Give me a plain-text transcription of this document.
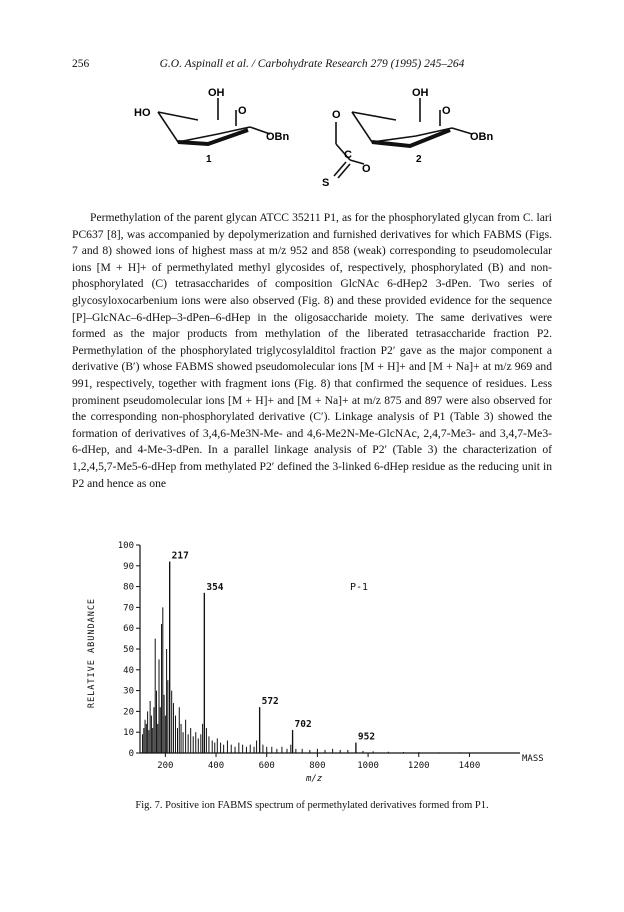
256	G.O. Aspinall et al. / Carbohydrate Research 279 (1995) 245–264
OH
HO	O
OBn
1
OH
O
O
C
S
O
OBn
2

Permethylation of the parent glycan ATCC 35211 P1, as for the phosphorylated glycan from C. lari PC637 [8], was accompanied by depolymerization and furnished derivatives for which FABMS (Figs. 7 and 8) showed ions of highest mass at m/z 952 and 858 (weak) corresponding to pseudomolecular ions [M + H]+ of permethylated methyl glycosides of, respectively, phosphorylated (B) and non-phosphorylated (C) tetrasaccharides of composition GlcNAc 6-dHep2 3-dPen. Two series of glycosyloxocarbenium ions were also observed (Fig. 8) and these provided evidence for the sequence [P]–GlcNAc–6-dHep–3-dPen–6-dHep in the oligosaccharide moiety. The same derivatives were formed as the major products from methylation of the liberated tetrasaccharide fraction P2. Permethylation of the phosphorylated triglycosylalditol fraction P2′ gave as the major component a derivative (B′) whose FABMS showed pseudomolecular ions [M + H]+ and [M + Na]+ at m/z 969 and 991, respectively, together with fragment ions (Fig. 8) that confirmed the sequence of residues. Less prominent pseudomolecular ions [M + H]+ and [M + Na]+ at m/z 875 and 897 were also observed for the corresponding non-phosphorylated derivative (C′). Linkage analysis of P1 (Table 3) showed the formation of derivatives of 3,4,6-Me3N-Me- and 4,6-Me2N-Me-GlcNAc, 2,4,7-Me3- and 3,4,7-Me3-6-dHep, and 4-Me-3-dPen. In a parallel linkage analysis of P2′ (Table 3) the characterization of 1,2,4,5,7-Me5-6-dHep from methylated P2′ defined the 3-linked 6-dHep residue as the reducing unit in P2 and hence as one

0
10
20
30
40
50
60
70
80
90
100
200	400	600	800	1000	1200	1400
217
354
572
702
952
P-1
m/z
MASS
RELATIVE ABUNDANCE
Fig. 7. Positive ion FABMS spectrum of permethylated derivatives formed from P1.
